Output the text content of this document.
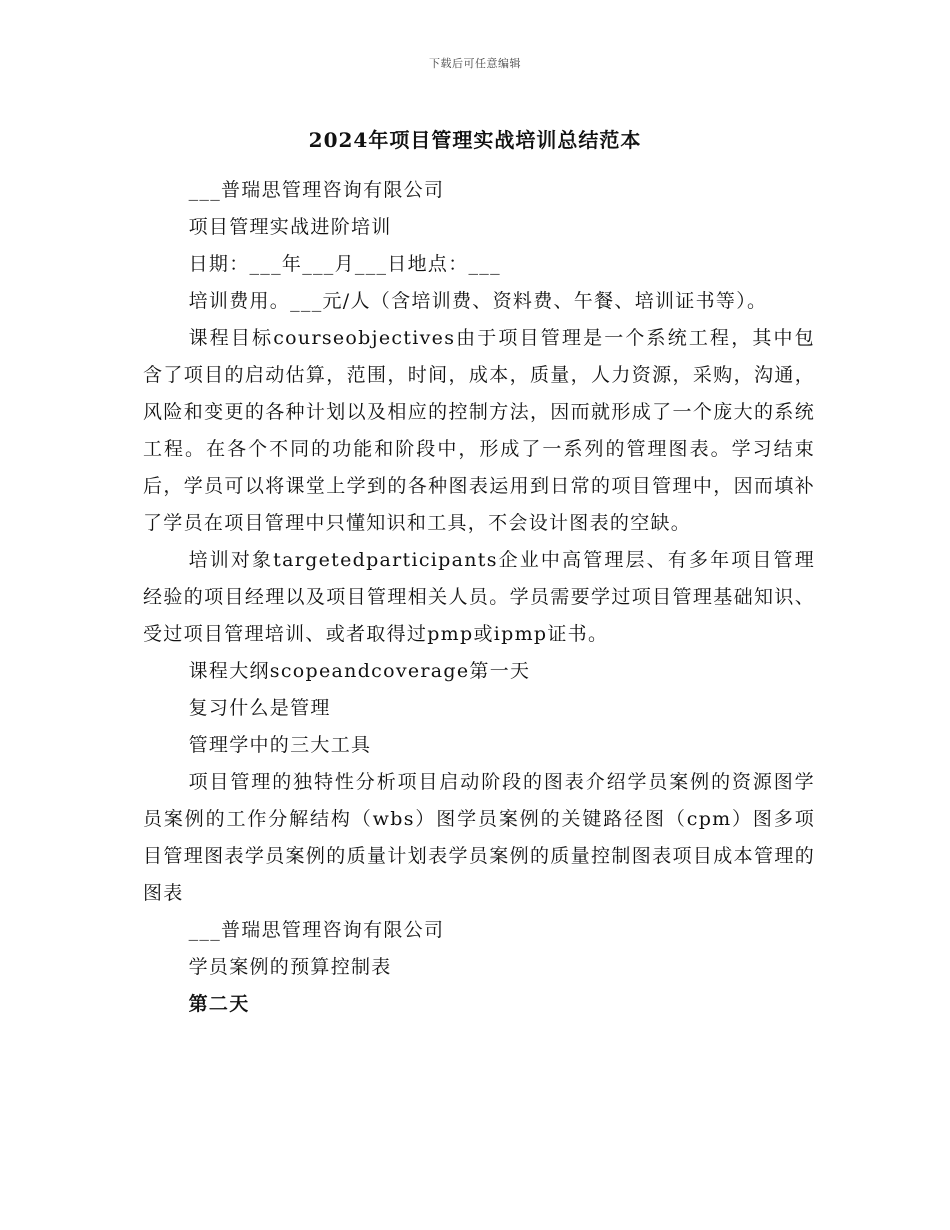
下载后可任意编辑
2024年项目管理实战培训总结范本

___普瑞思管理咨询有限公司

项目管理实战进阶培训

日期：___年___月___日地点：___

培训费用。___元/人（含培训费、资料费、午餐、培训证书等）。

课程目标courseobjectives由于项目管理是一个系统工程，其中包含了项目的启动估算，范围，时间，成本，质量，人力资源，采购，沟通，风险和变更的各种计划以及相应的控制方法，因而就形成了一个庞大的系统工程。在各个不同的功能和阶段中，形成了一系列的管理图表。学习结束后，学员可以将课堂上学到的各种图表运用到日常的项目管理中，因而填补了学员在项目管理中只懂知识和工具，不会设计图表的空缺。

培训对象targetedparticipants企业中高管理层、有多年项目管理经验的项目经理以及项目管理相关人员。学员需要学过项目管理基础知识、受过项目管理培训、或者取得过pmp或ipmp证书。

课程大纲scopeandcoverage第一天

复习什么是管理

管理学中的三大工具

项目管理的独特性分析项目启动阶段的图表介绍学员案例的资源图学员案例的工作分解结构（wbs）图学员案例的关键路径图（cpm）图多项目管理图表学员案例的质量计划表学员案例的质量控制图表项目成本管理的图表

___普瑞思管理咨询有限公司

学员案例的预算控制表

第二天
